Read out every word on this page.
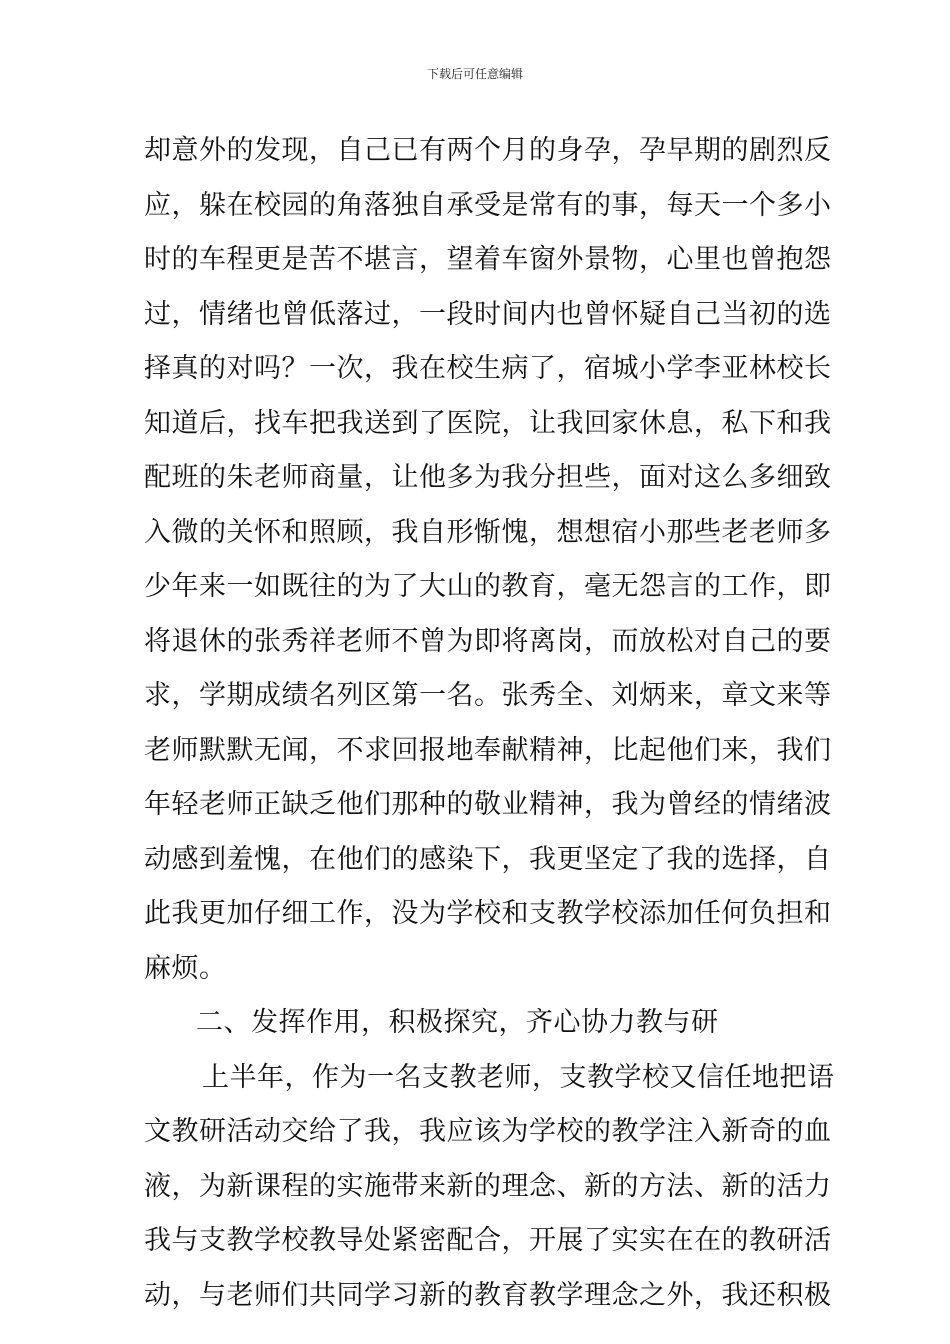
下载后可任意编辑
却意外的发现，自己已有两个月的身孕，孕早期的剧烈反
应，躲在校园的角落独自承受是常有的事，每天一个多小
时的车程更是苦不堪言，望着车窗外景物，心里也曾抱怨
过，情绪也曾低落过，一段时间内也曾怀疑自己当初的选
择真的对吗？一次，我在校生病了，宿城小学李亚林校长
知道后，找车把我送到了医院，让我回家休息，私下和我
配班的朱老师商量，让他多为我分担些，面对这么多细致
入微的关怀和照顾，我自形惭愧，想想宿小那些老老师多
少年来一如既往的为了大山的教育，毫无怨言的工作，即
将退休的张秀祥老师不曾为即将离岗，而放松对自己的要
求，学期成绩名列区第一名。张秀全、刘炳来，章文来等
老师默默无闻，不求回报地奉献精神，比起他们来，我们
年轻老师正缺乏他们那种的敬业精神，我为曾经的情绪波
动感到羞愧，在他们的感染下，我更坚定了我的选择，自
此我更加仔细工作，没为学校和支教学校添加任何负担和
麻烦。
二、发挥作用，积极探究，齐心协力教与研
上半年，作为一名支教老师，支教学校又信任地把语
文教研活动交给了我，我应该为学校的教学注入新奇的血
液，为新课程的实施带来新的理念、新的方法、新的活力
我与支教学校教导处紧密配合，开展了实实在在的教研活
动，与老师们共同学习新的教育教学理念之外，我还积极
